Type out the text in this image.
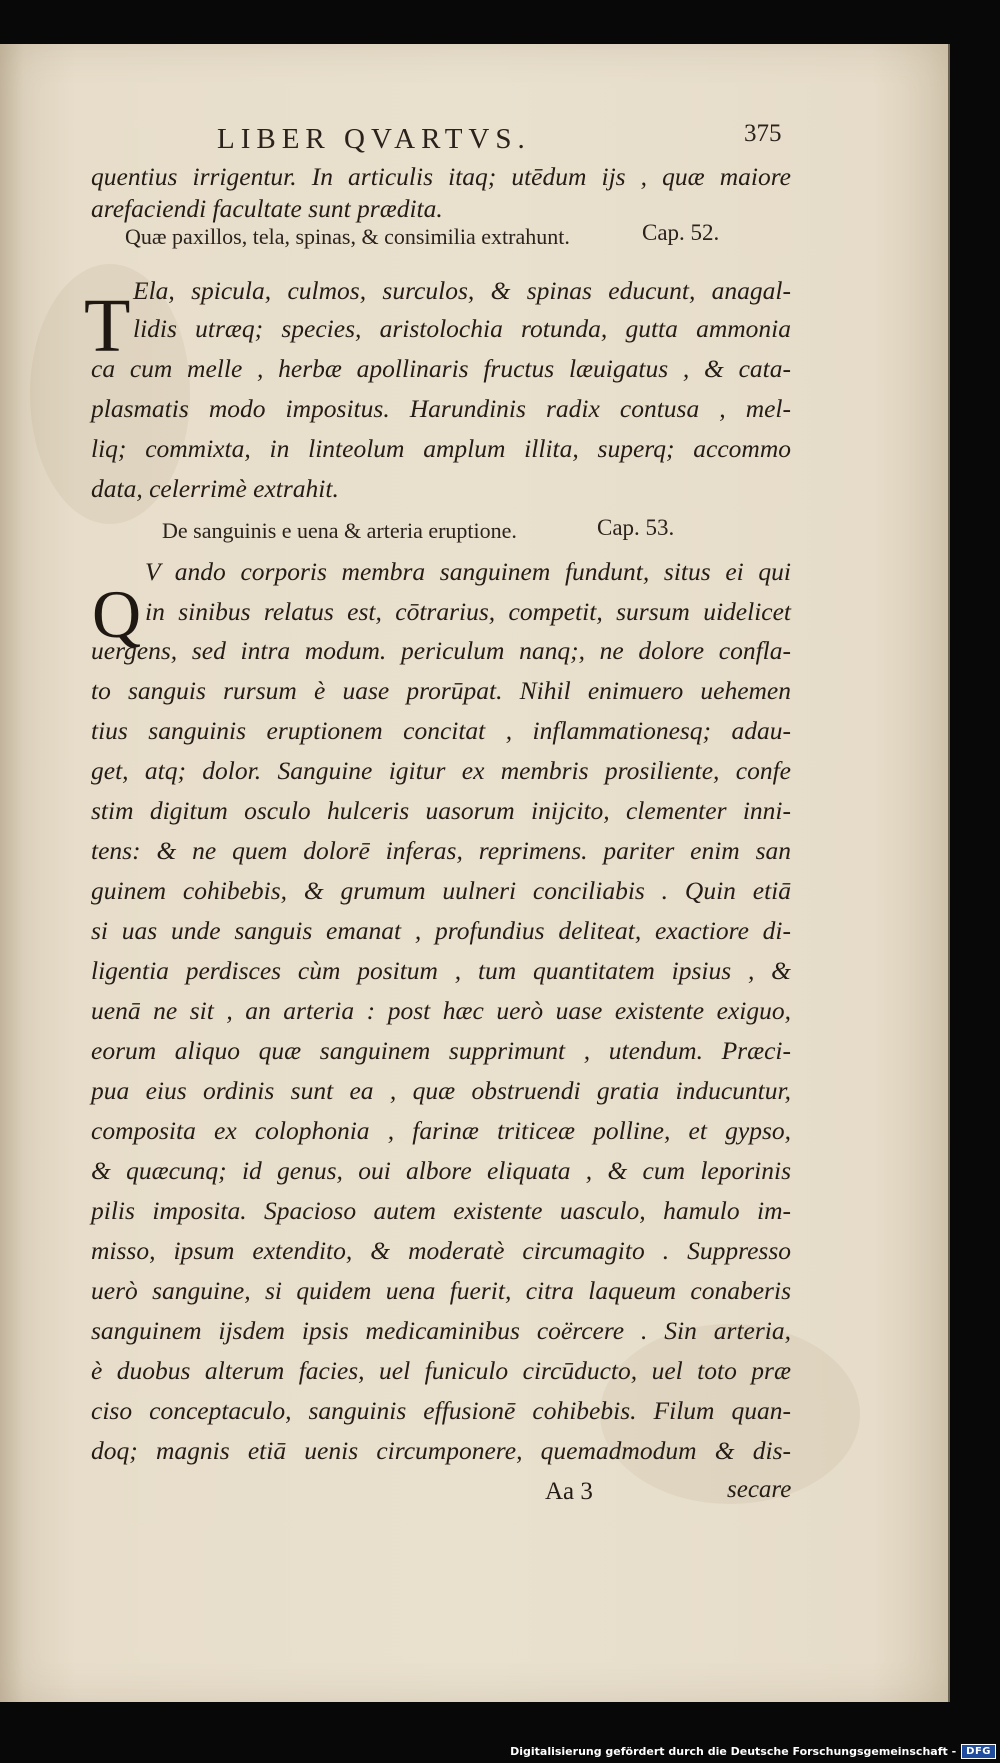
LIBER QVARTVS.	375
quentius irrigentur. In articulis itaq; utēdum ijs , quæ maiore
arefaciendi facultate sunt prædita.
Quæ paxillos, tela, spinas, & consimilia extrahunt.	Cap. 52.
T Ela, spicula, culmos, surculos, & spinas educunt, anagal-
lidis utræq; species, aristolochia rotunda, gutta ammonia
ca cum melle , herbæ apollinaris fructus læuigatus , & cata-
plasmatis modo impositus. Harundinis radix contusa , mel-
liq; commixta, in linteolum amplum illita, superq; accommo
data, celerrimè extrahit.
De sanguinis e uena & arteria eruptione.	Cap. 53.
Q
V ando corporis membra sanguinem fundunt, situs ei qui
in sinibus relatus est, cōtrarius, competit, sursum uidelicet
uergens, sed intra modum. periculum nanq;, ne dolore confla-
to sanguis rursum è uase prorūpat. Nihil enimuero uehemen
tius sanguinis eruptionem concitat , inflammationesq; adau-
get, atq; dolor. Sanguine igitur ex membris prosiliente, confe
stim digitum osculo hulceris uasorum inijcito, clementer inni-
tens: & ne quem dolorē inferas, reprimens. pariter enim san
guinem cohibebis, & grumum uulneri conciliabis . Quin etiā
si uas unde sanguis emanat , profundius deliteat, exactiore di-
ligentia perdisces cùm positum , tum quantitatem ipsius , &
uenā ne sit , an arteria : post hæc uerò uase existente exiguo,
eorum aliquo quæ sanguinem supprimunt , utendum. Præci-
pua eius ordinis sunt ea , quæ obstruendi gratia inducuntur,
composita ex colophonia , farinæ triticeæ polline, et gypso,
& quæcunq; id genus, oui albore eliquata , & cum leporinis
pilis imposita. Spacioso autem existente uasculo, hamulo im-
misso, ipsum extendito, & moderatè circumagito . Suppresso
uerò sanguine, si quidem uena fuerit, citra laqueum conaberis
sanguinem ijsdem ipsis medicaminibus coërcere . Sin arteria,
è duobus alterum facies, uel funiculo circūducto, uel toto præ
ciso conceptaculo, sanguinis effusionē cohibebis. Filum quan-
doq; magnis etiā uenis circumponere, quemadmodum & dis-
Aa 3	secare
Digitalisierung gefördert durch die Deutsche Forschungsgemeinschaft -	DFG
